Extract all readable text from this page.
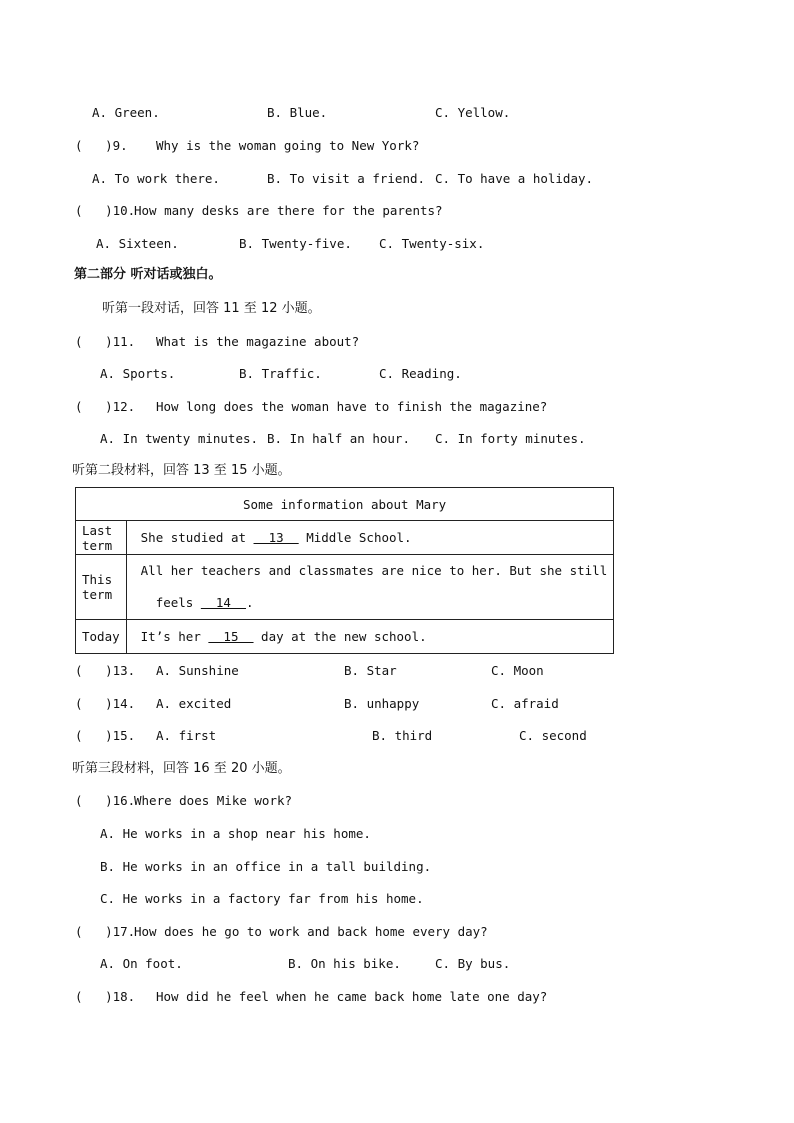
A. Green.	B. Blue.	C. Yellow.
(   )9. Why is the woman going to New York?
A. To work there.	B. To visit a friend. C. To have a holiday.
(   )10.
How many desks are there for the parents?
A. Sixteen.	B. Twenty-five. C. Twenty-six.
第二部分 听对话或独白。
听第一段对话，回答 11 至 12 小题。
(   )11. What is the magazine about?
A. Sports.	B. Traffic.	C. Reading.
(   )12. How long does the woman have to finish the magazine?
A. In twenty minutes. B. In half an hour. C. In forty minutes.
听第二段材料，回答 13 至 15 小题。
Some information about Mary	
Last term	She studied at   13   Middle School.
This term	All her teachers and classmates are nice to her. But she still
feels   14  .

Today	It’s her   15   day at the new school.
(   )13. A. Sunshine	B. Star	C. Moon
(   )14. A. excited	B. unhappy	C. afraid
(   )15. A. first	B. third	C. second
听第三段材料，回答 16 至 20 小题。
(   )16.
Where does Mike work?
A. He works in a shop near his home.
B. He works in an office in a tall building.
C. He works in a factory far from his home.
(   )17.
How does he go to work and back home every day?
A. On foot.	B. On his bike.	C. By bus.
(   )18. How did he feel when he came back home late one day?
